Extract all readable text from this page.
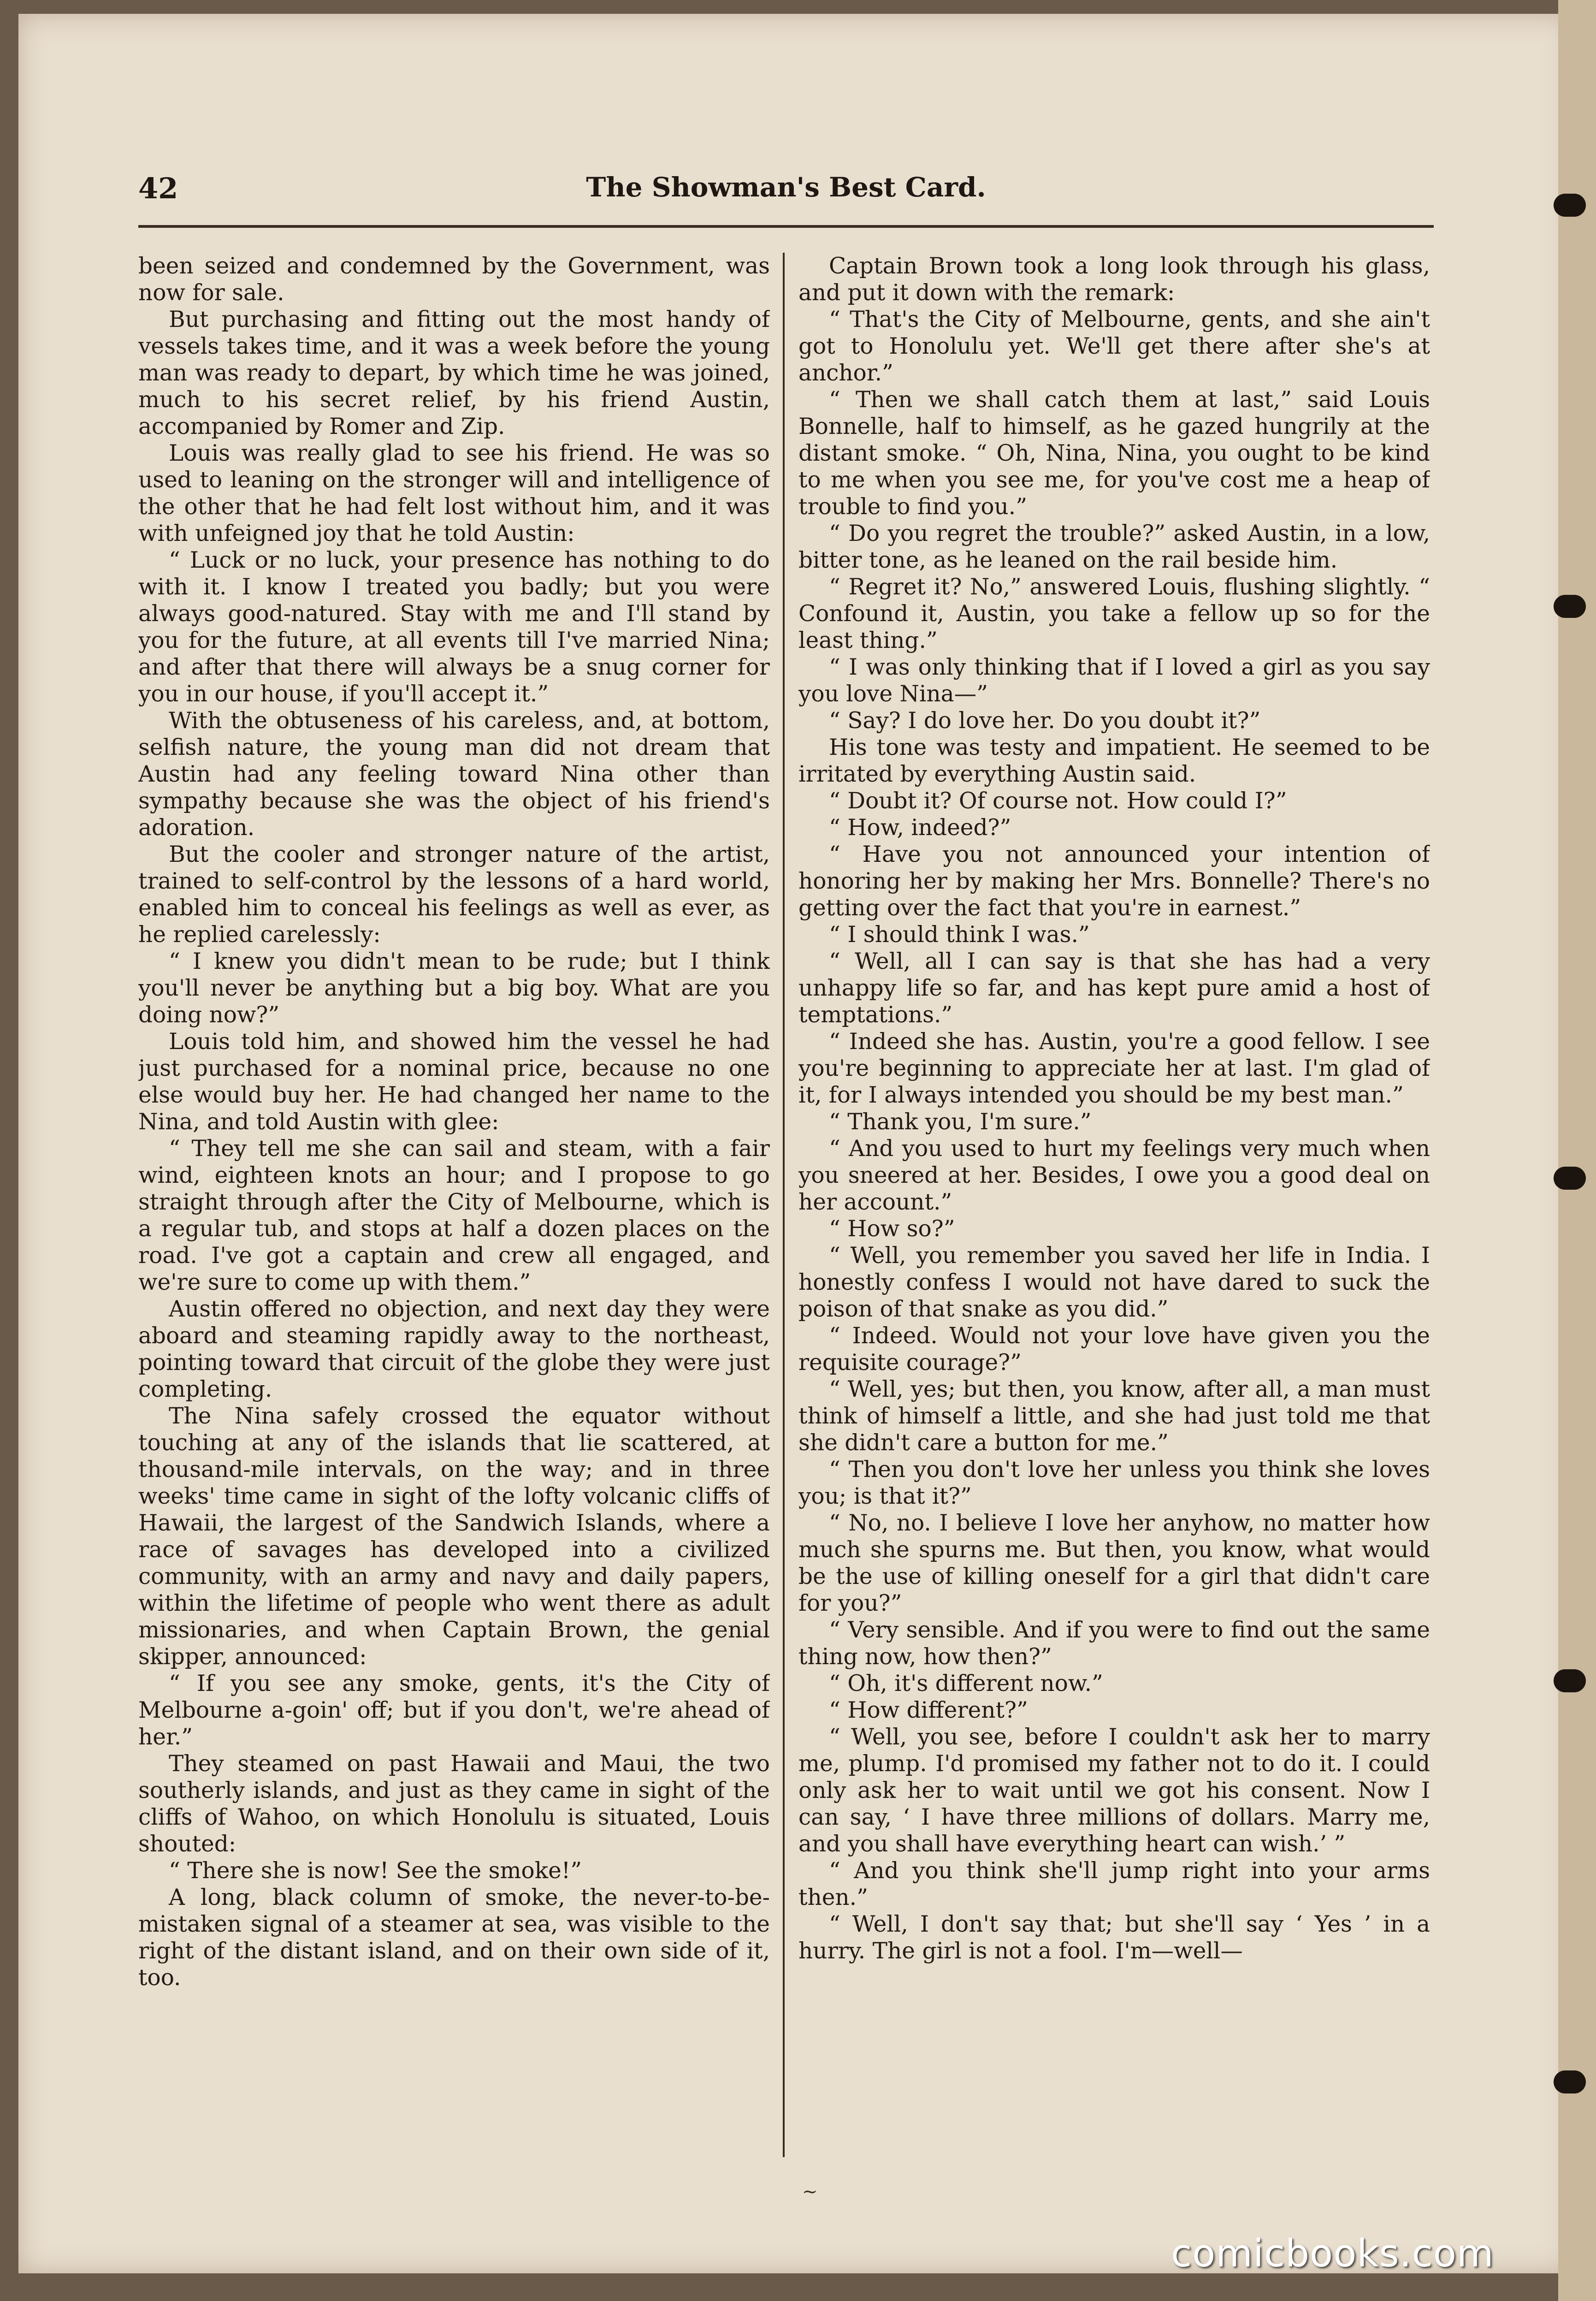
42	The Showman's Best Card.

been seized and condemned by the Government, was now for sale.

But purchasing and fitting out the most handy of vessels takes time, and it was a week before the young man was ready to depart, by which time he was joined, much to his secret relief, by his friend Austin, accompanied by Romer and Zip.

Louis was really glad to see his friend. He was so used to leaning on the stronger will and intelligence of the other that he had felt lost without him, and it was with unfeigned joy that he told Austin:

“ Luck or no luck, your presence has nothing to do with it. I know I treated you badly; but you were always good-natured. Stay with me and I'll stand by you for the future, at all events till I've married Nina; and after that there will always be a snug corner for you in our house, if you'll accept it.”

With the obtuseness of his careless, and, at bottom, selfish nature, the young man did not dream that Austin had any feeling toward Nina other than sympathy because she was the object of his friend's adoration.

But the cooler and stronger nature of the artist, trained to self-control by the lessons of a hard world, enabled him to conceal his feelings as well as ever, as he replied carelessly:

“ I knew you didn't mean to be rude; but I think you'll never be anything but a big boy. What are you doing now?”

Louis told him, and showed him the vessel he had just purchased for a nominal price, because no one else would buy her. He had changed her name to the Nina, and told Austin with glee:

“ They tell me she can sail and steam, with a fair wind, eighteen knots an hour; and I propose to go straight through after the City of Melbourne, which is a regular tub, and stops at half a dozen places on the road. I've got a captain and crew all engaged, and we're sure to come up with them.”

Austin offered no objection, and next day they were aboard and steaming rapidly away to the northeast, pointing toward that circuit of the globe they were just completing.

The Nina safely crossed the equator without touching at any of the islands that lie scattered, at thousand-mile intervals, on the way; and in three weeks' time came in sight of the lofty volcanic cliffs of Hawaii, the largest of the Sandwich Islands, where a race of savages has developed into a civilized community, with an army and navy and daily papers, within the lifetime of people who went there as adult missionaries, and when Captain Brown, the genial skipper, announced:

“ If you see any smoke, gents, it's the City of Melbourne a-goin' off; but if you don't, we're ahead of her.”

They steamed on past Hawaii and Maui, the two southerly islands, and just as they came in sight of the cliffs of Wahoo, on which Honolulu is situated, Louis shouted:

“ There she is now! See the smoke!”

A long, black column of smoke, the never-to-be-mistaken signal of a steamer at sea, was visible to the right of the distant island, and on their own side of it, too.

Captain Brown took a long look through his glass, and put it down with the remark:

“ That's the City of Melbourne, gents, and she ain't got to Honolulu yet. We'll get there after she's at anchor.”

“ Then we shall catch them at last,” said Louis Bonnelle, half to himself, as he gazed hungrily at the distant smoke. “ Oh, Nina, Nina, you ought to be kind to me when you see me, for you've cost me a heap of trouble to find you.”

“ Do you regret the trouble?” asked Austin, in a low, bitter tone, as he leaned on the rail beside him.

“ Regret it? No,” answered Louis, flushing slightly. “ Confound it, Austin, you take a fellow up so for the least thing.”

“ I was only thinking that if I loved a girl as you say you love Nina—”

“ Say? I do love her. Do you doubt it?”

His tone was testy and impatient. He seemed to be irritated by everything Austin said.

“ Doubt it? Of course not. How could I?”

“ How, indeed?”

“ Have you not announced your intention of honoring her by making her Mrs. Bonnelle? There's no getting over the fact that you're in earnest.”

“ I should think I was.”

“ Well, all I can say is that she has had a very unhappy life so far, and has kept pure amid a host of temptations.”

“ Indeed she has. Austin, you're a good fellow. I see you're beginning to appreciate her at last. I'm glad of it, for I always intended you should be my best man.”

“ Thank you, I'm sure.”

“ And you used to hurt my feelings very much when you sneered at her. Besides, I owe you a good deal on her account.”

“ How so?”

“ Well, you remember you saved her life in India. I honestly confess I would not have dared to suck the poison of that snake as you did.”

“ Indeed. Would not your love have given you the requisite courage?”

“ Well, yes; but then, you know, after all, a man must think of himself a little, and she had just told me that she didn't care a button for me.”

“ Then you don't love her unless you think she loves you; is that it?”

“ No, no. I believe I love her anyhow, no matter how much she spurns me. But then, you know, what would be the use of killing oneself for a girl that didn't care for you?”

“ Very sensible. And if you were to find out the same thing now, how then?”

“ Oh, it's different now.”

“ How different?”

“ Well, you see, before I couldn't ask her to marry me, plump. I'd promised my father not to do it. I could only ask her to wait until we got his consent. Now I can say, ‘ I have three millions of dollars. Marry me, and you shall have everything heart can wish.’ ”

“ And you think she'll jump right into your arms then.”

“ Well, I don't say that; but she'll say ‘ Yes ’ in a hurry. The girl is not a fool. I'm—well—

~
comicbooks.com
